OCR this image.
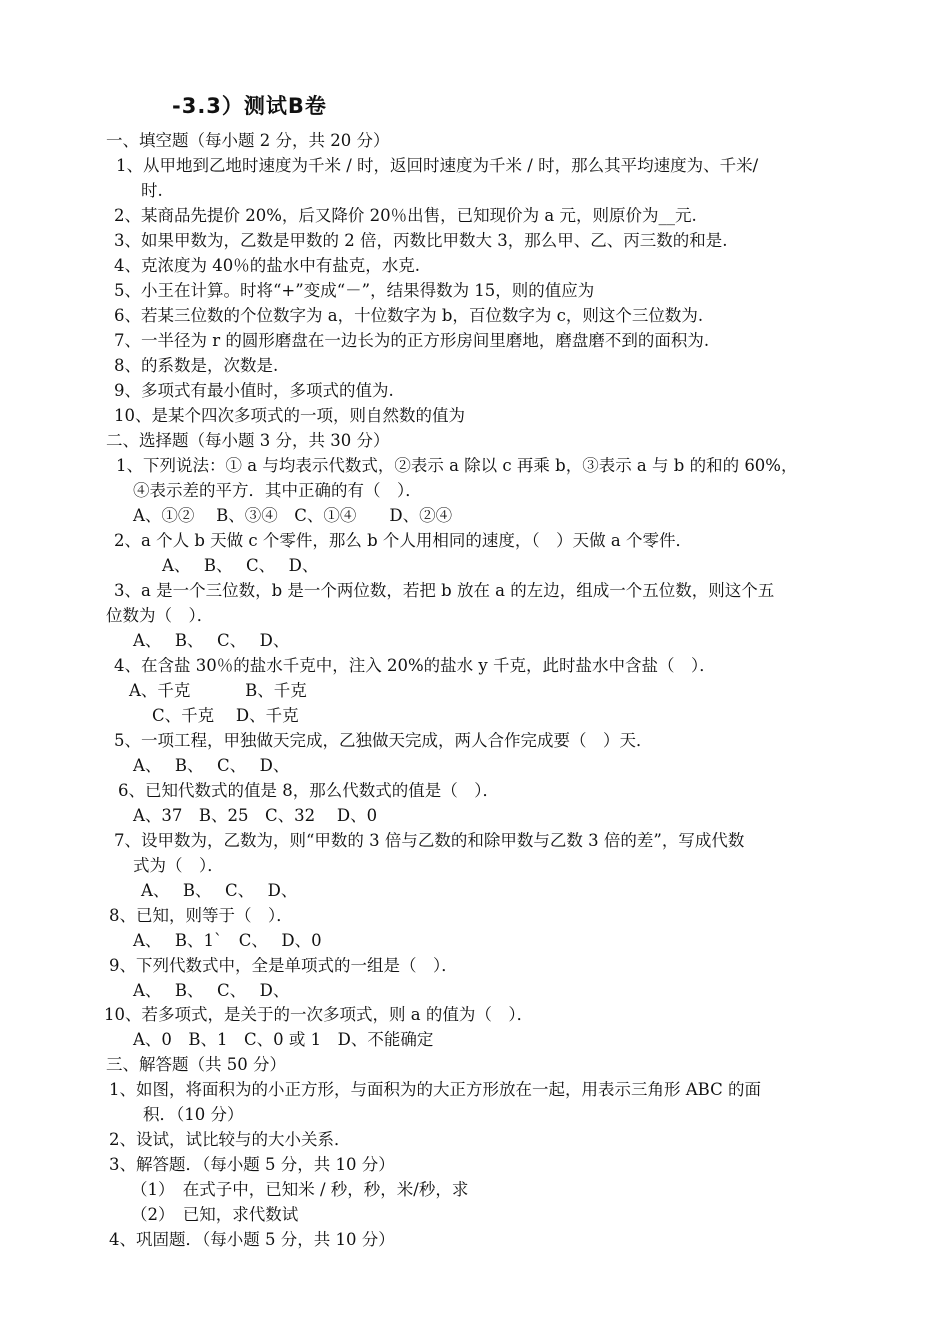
-3.3）测试B卷
一、填空题（每小题 2 分，共 20 分）
1、从甲地到乙地时速度为千米 / 时，返回时速度为千米 / 时，那么其平均速度为、千米/
时.
2、某商品先提价 20%，后又降价 20％出售，已知现价为 a 元，则原价为__元.
3、如果甲数为，乙数是甲数的 2 倍，丙数比甲数大 3，那么甲、乙、丙三数的和是.
4、克浓度为 40％的盐水中有盐克，水克.
5、小王在计算。时将“+”变成“－”，结果得数为 15，则的值应为
6、若某三位数的个位数字为 a，十位数字为 b，百位数字为 c，则这个三位数为.
7、一半径为 r 的圆形磨盘在一边长为的正方形房间里磨地，磨盘磨不到的面积为.
8、的系数是，次数是.
9、多项式有最小值时，多项式的值为.
10、是某个四次多项式的一项，则自然数的值为
二、选择题（每小题 3 分，共 30 分）
1、下列说法：① a 与均表示代数式，②表示 a 除以 c 再乘 b，③表示 a 与 b 的和的 60%，
④表示差的平方．其中正确的有（　）．
A、①②　 B、③④　C、①④　　D、②④
2、a 个人 b 天做 c 个零件，那么 b 个人用相同的速度，（　）天做 a 个零件．
A、　 B、　 C、　 D、
3、a 是一个三位数，b 是一个两位数，若把 b 放在 a 的左边，组成一个五位数，则这个五
位数为（　）．
A、　 B、　 C、　 D、
4、在含盐 30％的盐水千克中，注入 20%的盐水 y 千克，此时盐水中含盐（　）．
A、千克　　　 B、千克
C、千克　 D、千克
5、一项工程，甲独做天完成，乙独做天完成，两人合作完成要（　）天．
A、　 B、　 C、　 D、
6、已知代数式的值是 8，那么代数式的值是（　）．
A、37　B、25　C、32　 D、0
7、设甲数为，乙数为，则“甲数的 3 倍与乙数的和除甲数与乙数 3 倍的差”，写成代数
式为（　）．
A、　 B、　 C、　 D、
8、已知，则等于（　）．
A、　 B、1`　C、　 D、0
9、下列代数式中，全是单项式的一组是（　）．
A、　 B、　 C、　 D、
10、若多项式，是关于的一次多项式，则 a 的值为（　）．
A、0　B、1　C、0 或 1　D、不能确定
三、解答题（共 50 分）
1、如图，将面积为的小正方形，与面积为的大正方形放在一起，用表示三角形 ABC 的面
积．（10 分）
2、设试，试比较与的大小关系．
3、解答题．（每小题 5 分，共 10 分）
（1）　在式子中，已知米 / 秒，秒，米/秒，求
（2）　已知，求代数试
4、巩固题．（每小题 5 分，共 10 分）
